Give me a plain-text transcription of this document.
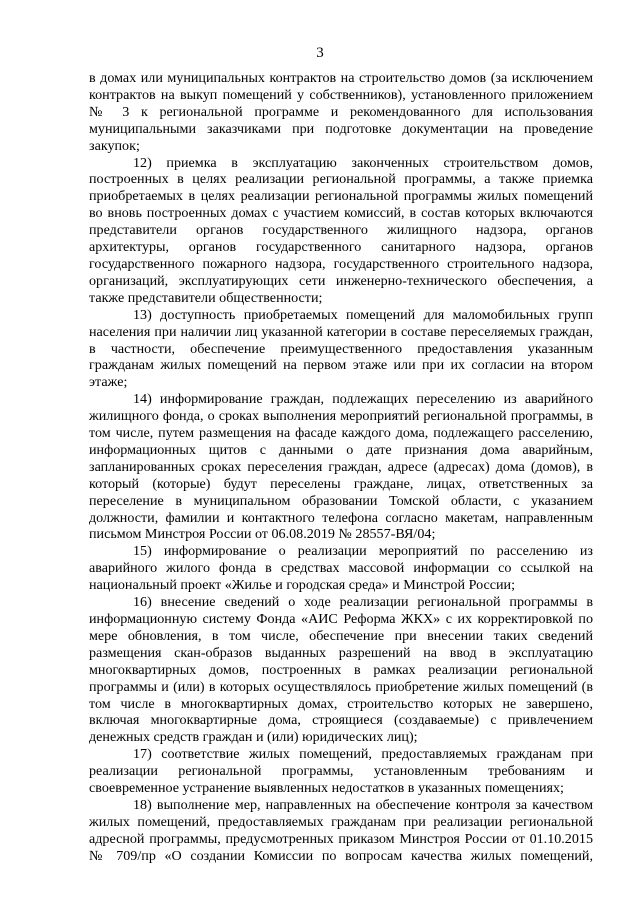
3

в домах или муниципальных контрактов на строительство домов (за исключением контрактов на выкуп помещений у собственников), установленного приложением № 3 к региональной программе и рекомендованного для использования муниципальными заказчиками при подготовке документации на проведение закупок;

12) приемка в эксплуатацию законченных строительством домов, построенных в целях реализации региональной программы, а также приемка приобретаемых в целях реализации региональной программы жилых помещений во вновь построенных домах с участием комиссий, в состав которых включаются представители органов государственного жилищного надзора, органов архитектуры, органов государственного санитарного надзора, органов государственного пожарного надзора, государственного строительного надзора, организаций, эксплуатирующих сети инженерно-технического обеспечения, а также представители общественности;

13) доступность приобретаемых помещений для маломобильных групп населения при наличии лиц указанной категории в составе переселяемых граждан, в частности, обеспечение преимущественного предоставления указанным гражданам жилых помещений на первом этаже или при их согласии на втором этаже;

14) информирование граждан, подлежащих переселению из аварийного жилищного фонда, о сроках выполнения мероприятий региональной программы, в том числе, путем размещения на фасаде каждого дома, подлежащего расселению, информационных щитов с данными о дате признания дома аварийным, запланированных сроках переселения граждан, адресе (адресах) дома (домов), в который (которые) будут переселены граждане, лицах, ответственных за переселение в муниципальном образовании Томской области, с указанием должности, фамилии и контактного телефона согласно макетам, направленным письмом Минстроя России от 06.08.2019 № 28557-ВЯ/04;

15) информирование о реализации мероприятий по расселению из аварийного жилого фонда в средствах массовой информации со ссылкой на национальный проект «Жилье и городская среда» и Минстрой России;

16) внесение сведений о ходе реализации региональной программы в информационную систему Фонда «АИС Реформа ЖКХ» с их корректировкой по мере обновления, в том числе, обеспечение при внесении таких сведений размещения скан-образов выданных разрешений на ввод в эксплуатацию многоквартирных домов, построенных в рамках реализации региональной программы и (или) в которых осуществлялось приобретение жилых помещений (в том числе в многоквартирных домах, строительство которых не завершено, включая многоквартирные дома, строящиеся (создаваемые) с привлечением денежных средств граждан и (или) юридических лиц);

17) соответствие жилых помещений, предоставляемых гражданам при реализации региональной программы, установленным требованиям и своевременное устранение выявленных недостатков в указанных помещениях;

18) выполнение мер, направленных на обеспечение контроля за качеством жилых помещений, предоставляемых гражданам при реализации региональной адресной программы, предусмотренных приказом Минстроя России от 01.10.2015 № 709/пр «О создании Комиссии по вопросам качества жилых помещений,
